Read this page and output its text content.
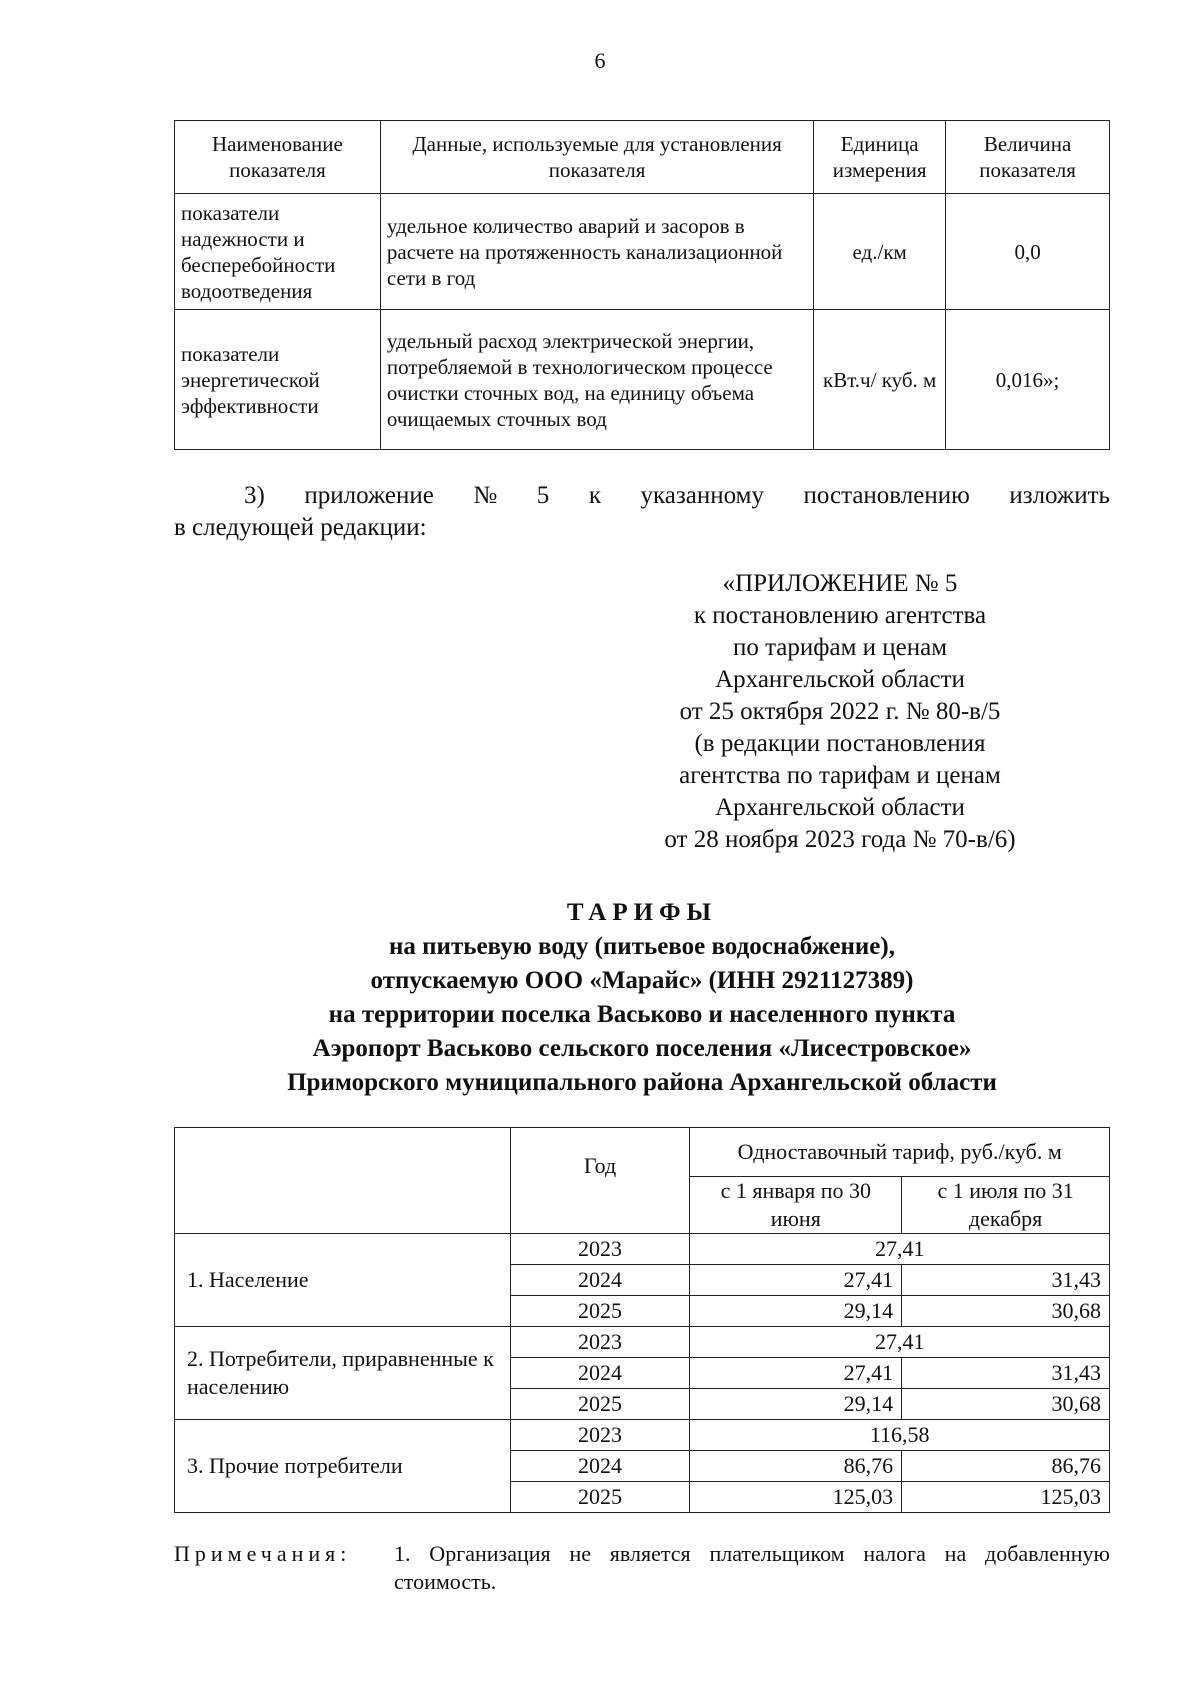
6
Наименование показателя	Данные, используемые для установления показателя	Единица измерения	Величина показателя
показатели надежности и бесперебойности водоотведения	удельное количество аварий и засоров в расчете на протяженность канализационной сети в год	ед./км	0,0
показатели энергетической эффективности	удельный расход электрической энергии, потребляемой в технологическом процессе очистки сточных вод, на единицу объема очищаемых сточных вод	кВт.ч/ куб. м	0,016»;
3) приложение № 5 к указанному постановлению изложить
в следующей редакции:
«ПРИЛОЖЕНИЕ № 5
к постановлению агентства
по тарифам и ценам
Архангельской области
от 25 октября 2022 г. № 80-в/5
(в редакции постановления
агентства по тарифам и ценам
Архангельской области
от 28 ноября 2023 года № 70-в/6)
ТАРИФЫ
на питьевую воду (питьевое водоснабжение),
отпускаемую ООО «Марайс» (ИНН 2921127389)
на территории поселка Васьково и населенного пункта
Аэропорт Васьково сельского поселения «Лисестровское»
Приморского муниципального района Архангельской области
	Год	Одноставочный тариф, руб./куб. м	
		с 1 января по 30 июня	с 1 июля по 31 декабря
1. Население	2023	27,41	
	2024	27,41	31,43
	2025	29,14	30,68
2. Потребители, приравненные к населению	2023	27,41	
	2024	27,41	31,43
	2025	29,14	30,68
3. Прочие потребители	2023	116,58	
	2024	86,76	86,76
	2025	125,03	125,03
Примечания:	1. Организация не является плательщиком налога на добавленную стоимость.
